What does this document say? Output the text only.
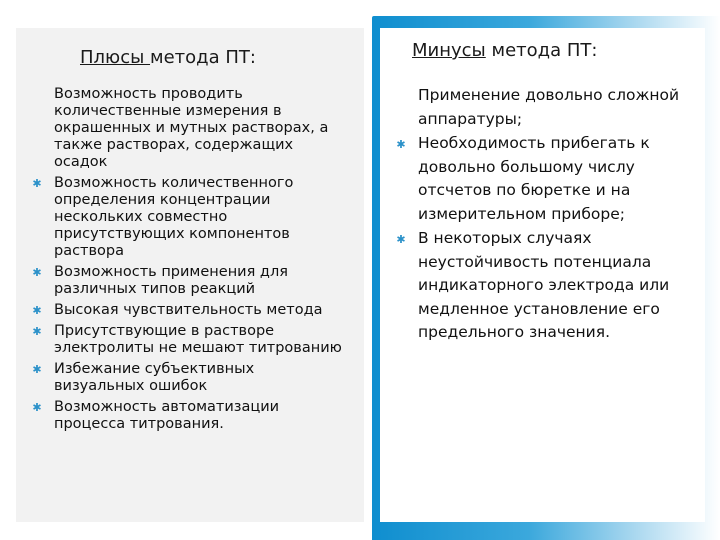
Плюсы метода ПТ:	Минусы метода ПТ:
Возможность проводить количественные измерения в окрашенных и мутных растворах, а также растворах, содержащих осадок
✱ Возможность количественного определения концентрации нескольких совместно присутствующих компонентов раствора
✱ Возможность применения для различных типов реакций
✱ Высокая чувствительность метода
✱ Присутствующие в растворе электролиты не мешают титрованию
✱ Избежание субъективных визуальных ошибок
✱ Возможность автоматизации процесса титрования.
Применение довольно сложной аппаратуры;
✱ Необходимость прибегать к довольно большому числу отсчетов по бюретке и на измерительном приборе;
✱ В некоторых случаях неустойчивость потенциала индикаторного электрода или медленное установление его предельного значения.
